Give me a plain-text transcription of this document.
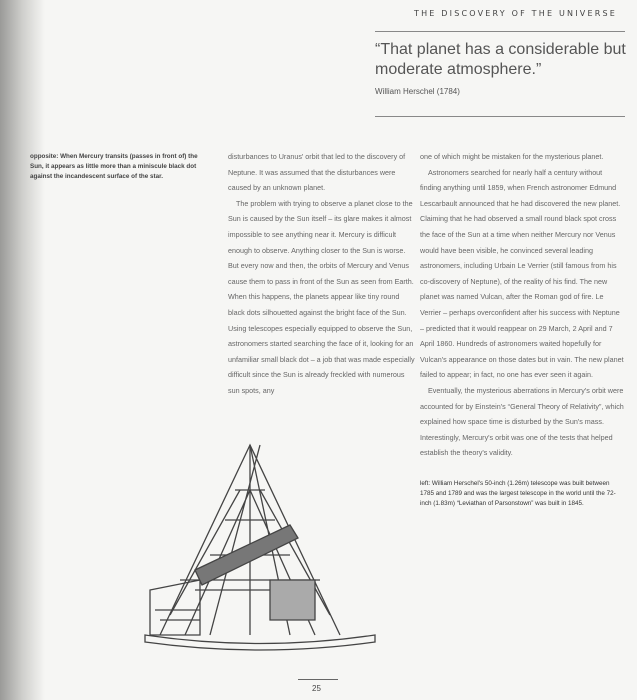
THE DISCOVERY OF THE UNIVERSE
“That planet has a considerable but moderate atmosphere.”
William Herschel (1784)
opposite: When Mercury transits (passes in front of) the Sun, it appears as little more than a miniscule black dot against the incandescent surface of the star.

disturbances to Uranus' orbit that led to the discovery of Neptune. It was assumed that the disturbances were caused by an unknown planet.

The problem with trying to observe a planet close to the Sun is caused by the Sun itself – its glare makes it almost impossible to see anything near it. Mercury is difficult enough to observe. Anything closer to the Sun is worse. But every now and then, the orbits of Mercury and Venus cause them to pass in front of the Sun as seen from Earth. When this happens, the planets appear like tiny round black dots silhouetted against the bright face of the Sun. Using telescopes especially equipped to observe the Sun, astronomers started searching the face of it, looking for an unfamiliar small black dot – a job that was made especially difficult since the Sun is already freckled with numerous sun spots, any

one of which might be mistaken for the mysterious planet.

Astronomers searched for nearly half a century without finding anything until 1859, when French astronomer Edmund Lescarbault announced that he had discovered the new planet. Claiming that he had observed a small round black spot cross the face of the Sun at a time when neither Mercury nor Venus would have been visible, he convinced several leading astronomers, including Urbain Le Verrier (still famous from his co-discovery of Neptune), of the reality of his find. The new planet was named Vulcan, after the Roman god of fire. Le Verrier – perhaps overconfident after his success with Neptune – predicted that it would reappear on 29 March, 2 April and 7 April 1860. Hundreds of astronomers waited hopefully for Vulcan's appearance on those dates but in vain. The new planet failed to appear; in fact, no one has ever seen it again.

Eventually, the mysterious aberrations in Mercury's orbit were accounted for by Einstein's “General Theory of Relativity”, which explained how space time is disturbed by the Sun's mass. Interestingly, Mercury's orbit was one of the tests that helped establish the theory's validity.

left: William Herschel's 50-inch (1.26m) telescope was built between 1785 and 1789 and was the largest telescope in the world until the 72-inch (1.83m) “Leviathan of Parsonstown” was built in 1845.
25
